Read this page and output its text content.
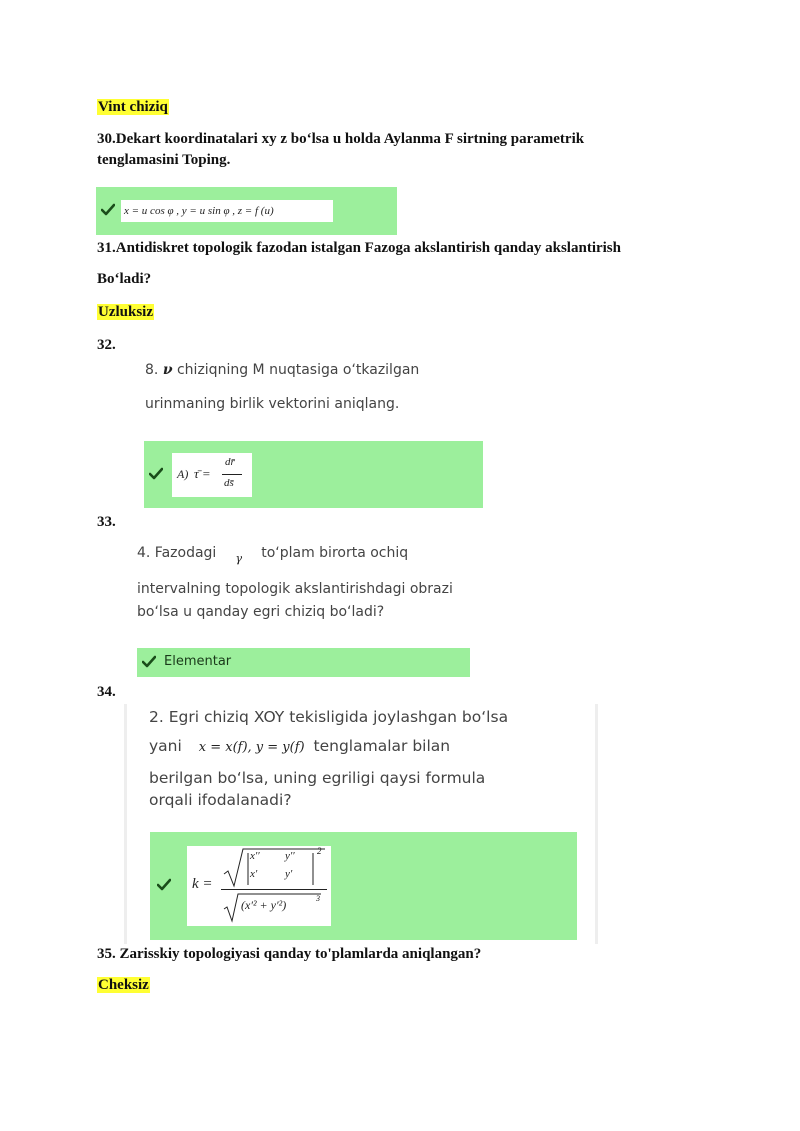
Vint chiziq
30.Dekart koordinatalari xy z bo‘lsa u holda Aylanma F sirtning parametrik
tenglamasini Toping.
x = u cos φ , y = u sin φ , z = f (u)
31.Antidiskret topologik fazodan istalgan Fazoga akslantirish qanday akslantirish
Bo‘ladi?
Uzluksiz
32.
8. ν chiziqning M nuqtasiga o‘tkazilgan
urinmaning birlik vektorini aniqlang.
A) τ̄ =
dr̄
ds̄
33.
4. Fazodagi γ to‘plam birorta ochiq
intervalning topologik akslantirishdagi obrazi
bo‘lsa u qanday egri chiziq bo‘ladi?
Elementar
34.
2. Egri chiziq XOY tekisligida joylashgan bo‘lsa
yani x = x(f), y = y(f) tenglamalar bilan
berilgan bo‘lsa, uning egriligi qaysi formula
orqali ifodalanadi?
k =
x′′ y′′
x′	y′
2
(x′² + y′²)	3
35. Zarisskiy topologiyasi qanday to'plamlarda aniqlangan?
Cheksiz
